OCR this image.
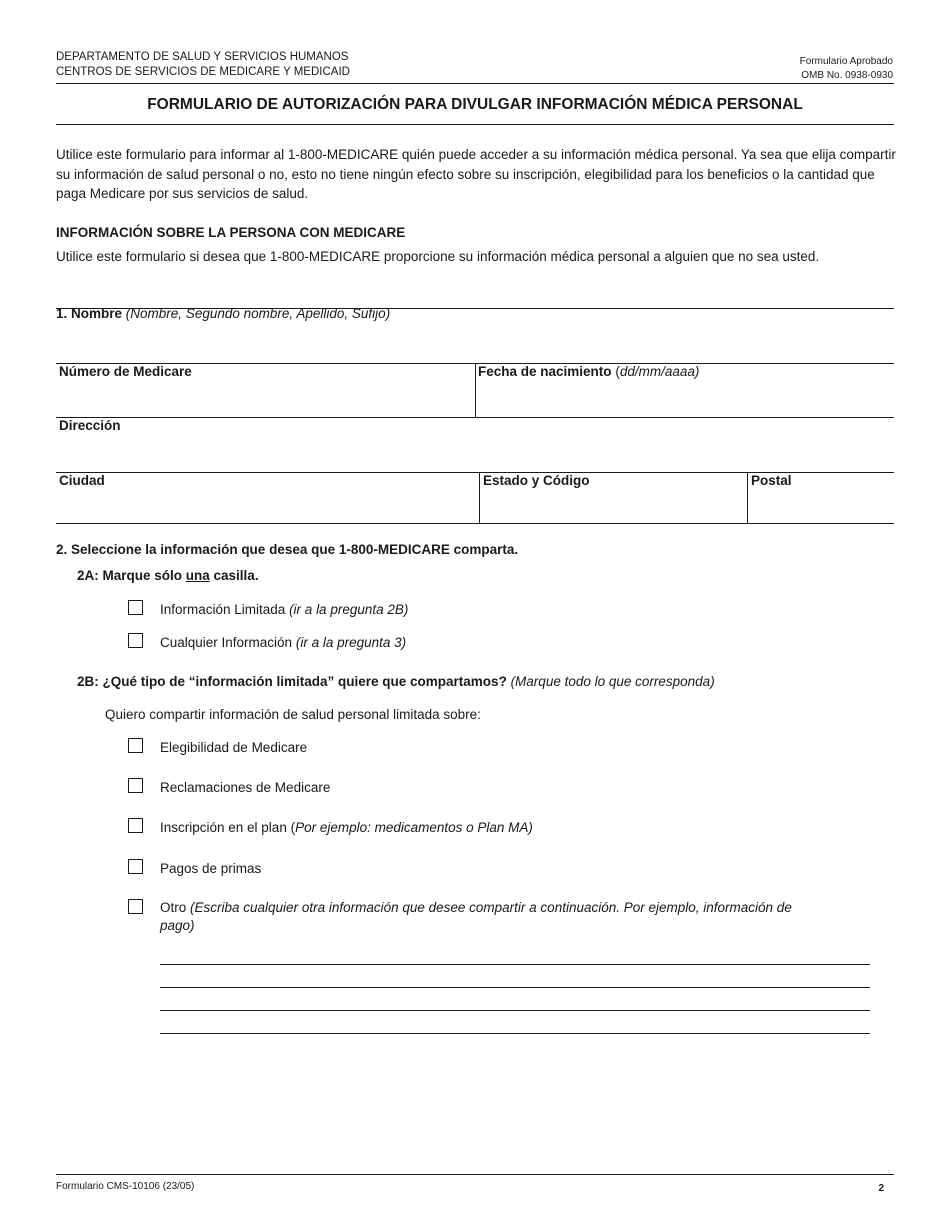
DEPARTAMENTO DE SALUD Y SERVICIOS HUMANOS
CENTROS DE SERVICIOS DE MEDICARE Y MEDICAID
Formulario Aprobado
OMB No. 0938-0930
FORMULARIO DE AUTORIZACIÓN PARA DIVULGAR INFORMACIÓN MÉDICA PERSONAL
Utilice este formulario para informar al 1-800-MEDICARE quién puede acceder a su información médica personal. Ya sea que elija compartir su información de salud personal o no, esto no tiene ningún efecto sobre su inscripción, elegibilidad para los beneficios o la cantidad que paga Medicare por sus servicios de salud.
INFORMACIÓN SOBRE LA PERSONA CON MEDICARE
Utilice este formulario si desea que 1-800-MEDICARE proporcione su información médica personal a alguien que no sea usted.
1. Nombre (Nombre, Segundo nombre, Apellido, Sufijo)
Número de Medicare	Fecha de nacimiento (dd/mm/aaaa)
Dirección
Ciudad	Estado y Código	Postal
2. Seleccione la información que desea que 1-800-MEDICARE comparta.
2A: Marque sólo una casilla.
Información Limitada (ir a la pregunta 2B)
Cualquier Información (ir a la pregunta 3)
2B: ¿Qué tipo de “información limitada” quiere que compartamos? (Marque todo lo que corresponda)
Quiero compartir información de salud personal limitada sobre:
Elegibilidad de Medicare
Reclamaciones de Medicare
Inscripción en el plan (Por ejemplo: medicamentos o Plan MA)
Pagos de primas
Otro (Escriba cualquier otra información que desee compartir a continuación. Por ejemplo, información de pago)
Formulario CMS-10106 (23/05)	2
